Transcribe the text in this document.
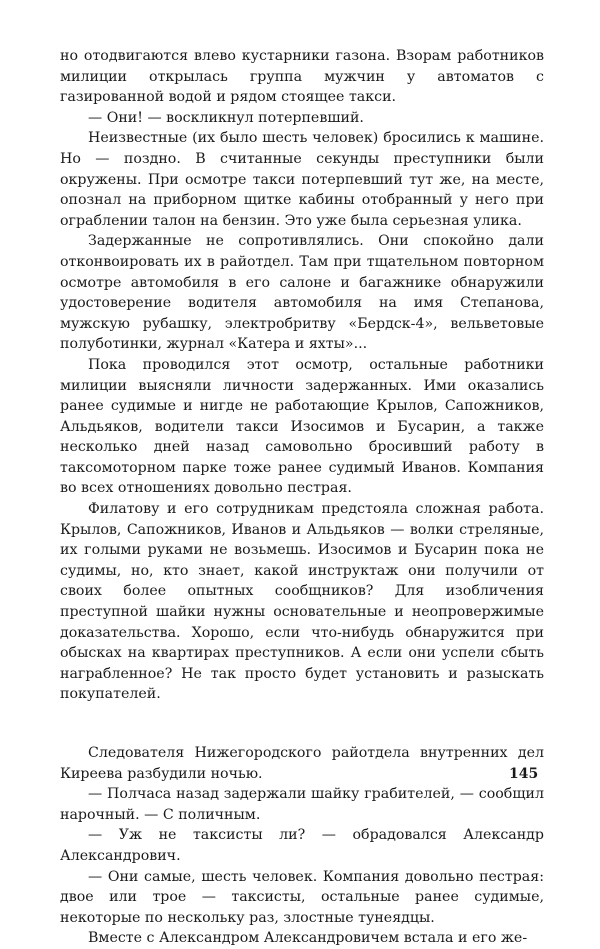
но отодвигаются влево кустарники газона. Взорам работников милиции открылась группа мужчин у автоматов с газированной водой и рядом стоящее такси.

— Они! — воскликнул потерпевший.

Неизвестные (их было шесть человек) бросились к машине. Но — поздно. В считанные секунды преступники были окружены. При осмотре такси потерпевший тут же, на месте, опознал на приборном щитке кабины отобранный у него при ограблении талон на бензин. Это уже была серьезная улика.

Задержанные не сопротивлялись. Они спокойно дали отконвоировать их в райотдел. Там при тщательном повторном осмотре автомобиля в его салоне и багажнике обнаружили удостоверение водителя автомобиля на имя Степанова, мужскую рубашку, электробритву «Бердск-4», вельветовые полуботинки, журнал «Катера и яхты»...

Пока проводился этот осмотр, остальные работники милиции выясняли личности задержанных. Ими оказались ранее судимые и нигде не работающие Крылов, Сапожников, Альдьяков, водители такси Изосимов и Бусарин, а также несколько дней назад самовольно бросивший работу в таксомоторном парке тоже ранее судимый Иванов. Компания во всех отношениях довольно пестрая.

Филатову и его сотрудникам предстояла сложная работа. Крылов, Сапожников, Иванов и Альдьяков — волки стреляные, их голыми руками не возьмешь. Изосимов и Бусарин пока не судимы, но, кто знает, какой инструктаж они получили от своих более опытных сообщников? Для изобличения преступной шайки нужны основательные и неопровержимые доказательства. Хорошо, если что-нибудь обнаружится при обысках на квартирах преступников. А если они успели сбыть награбленное? Не так просто будет установить и разыскать покупателей.

Следователя Нижегородского райотдела внутренних дел Киреева разбудили ночью.

— Полчаса назад задержали шайку грабителей, — сообщил нарочный. — С поличным.

— Уж не таксисты ли? — обрадовался Александр Александрович.

— Они самые, шесть человек. Компания довольно пестрая: двое или трое — таксисты, остальные ранее судимые, некоторые по нескольку раз, злостные тунеядцы.

Вместе с Александром Александровичем встала и его же-

145
